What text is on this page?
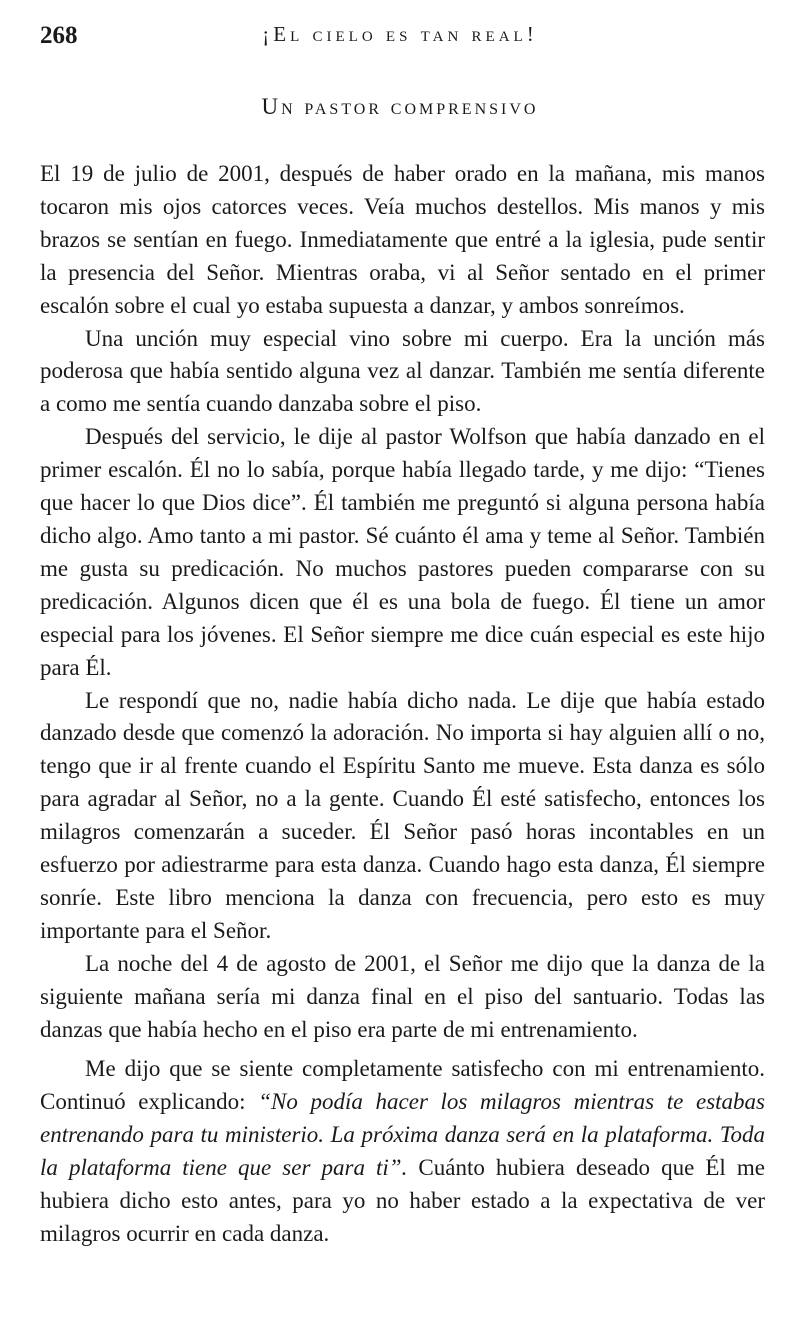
268	¡El cielo es tan real!
Un pastor comprensivo

El 19 de julio de 2001, después de haber orado en la mañana, mis manos tocaron mis ojos catorces veces. Veía muchos destellos. Mis manos y mis brazos se sentían en fuego. Inmediatamente que entré a la iglesia, pude sentir la presencia del Señor. Mientras oraba, vi al Señor sentado en el primer escalón sobre el cual yo estaba supuesta a danzar, y ambos sonreímos.

Una unción muy especial vino sobre mi cuerpo. Era la unción más poderosa que había sentido alguna vez al danzar. También me sentía diferente a como me sentía cuando danzaba sobre el piso.

Después del servicio, le dije al pastor Wolfson que había danzado en el primer escalón. Él no lo sabía, porque había llegado tarde, y me dijo: “Tienes que hacer lo que Dios dice”. Él también me preguntó si alguna persona había dicho algo. Amo tanto a mi pastor. Sé cuánto él ama y teme al Señor. También me gusta su predicación. No muchos pastores pueden compararse con su predicación. Algunos dicen que él es una bola de fuego. Él tiene un amor especial para los jóvenes. El Señor siempre me dice cuán especial es este hijo para Él.

Le respondí que no, nadie había dicho nada. Le dije que había estado danzado desde que comenzó la adoración. No importa si hay alguien allí o no, tengo que ir al frente cuando el Espíritu Santo me mueve. Esta danza es sólo para agradar al Señor, no a la gente. Cuando Él esté satisfecho, entonces los milagros comenzarán a suceder. Él Señor pasó horas incontables en un esfuerzo por adiestrarme para esta danza. Cuando hago esta danza, Él siempre sonríe. Este libro menciona la danza con frecuencia, pero esto es muy importante para el Señor.

La noche del 4 de agosto de 2001, el Señor me dijo que la danza de la siguiente mañana sería mi danza final en el piso del santuario. Todas las danzas que había hecho en el piso era parte de mi entrenamiento.

Me dijo que se siente completamente satisfecho con mi entrenamiento. Continuó explicando: “No podía hacer los milagros mientras te estabas entrenando para tu ministerio. La próxima danza será en la plataforma. Toda la plataforma tiene que ser para ti”. Cuánto hubiera deseado que Él me hubiera dicho esto antes, para yo no haber estado a la expectativa de ver milagros ocurrir en cada danza.
